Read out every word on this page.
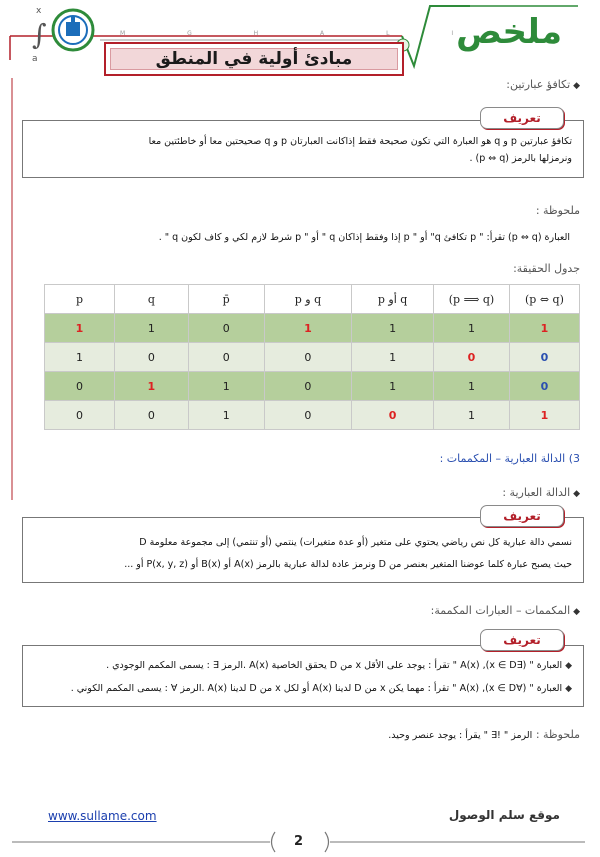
x
∫
a
M G H A L I
مبادئ أولية في المنطق
ملخص
◆ تكافؤ عبارتين:
تعريف
تكافؤ عبارتين p و q هو العبارة التي تكون صحيحة فقط إذاكانت العبارتان p و q صحيحتين معا أو خاطئتين معا
ونرمزلها بالرمز (p ⇔ q) .
ملحوظة :
العبارة (p ⇔ q) تقرأ: " p تكافئ q" أو " p إذا وفقط إذاكان q " أو " p شرط لازم لكي و كاف لكون q " .
جدول الحقيقة:
p	q	p̄	p و q	p أو q	(p ⟹ q)	(p ⇔ q)
1	1	0	1	1	1	1
1	0	0	0	1	0	0
0	1	1	0	1	1	0
0	0	1	0	0	1	1
3) الدالة العبارية – المكممات :
◆ الدالة العبارية :
تعريف
نسمي دالة عبارية كل نص رياضي يحتوي على متغير (أو عدة متغيرات) ينتمي (أو تنتمي) إلى مجموعة معلومة D
حيث يصبح عبارة كلما عوضنا المتغير بعنصر من D ونرمز عادة لدالة عبارية بالرمز A(x) أو B(x) أو P(x, y, z) أو ...
◆ المكممات – العبارات المكممة:
تعريف
◆ العبارة " (∃x ∈ D), A(x) " تقرأ : يوجد على الأقل x من D يحقق الخاصية A(x) .الرمز ∃ : يسمى المكمم الوجودي .
◆ العبارة " (∀x ∈ D), A(x) " تقرأ : مهما يكن x من D لدينا A(x) أو لكل x من D لدينا A(x) .الرمز ∀ : يسمى المكمم الكوني .
ملحوظة : الرمز " !∃ " يقرأ : يوجد عنصر وحيد.
www.sullame.com	موقع سلم الوصول
2
